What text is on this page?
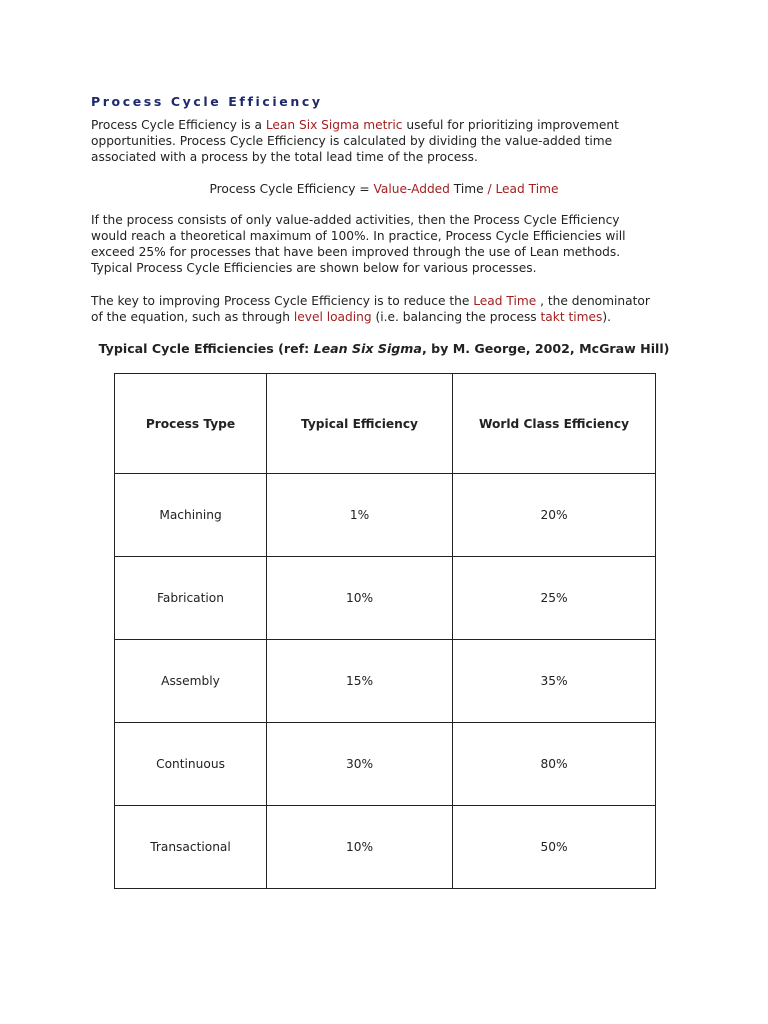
Process Cycle Efficiency
Process Cycle Efficiency is a Lean Six Sigma metric useful for prioritizing improvement
opportunities. Process Cycle Efficiency is calculated by dividing the value-added time
associated with a process by the total lead time of the process.
Process Cycle Efficiency = Value-Added Time / Lead Time
If the process consists of only value-added activities, then the Process Cycle Efficiency
would reach a theoretical maximum of 100%. In practice, Process Cycle Efficiencies will
exceed 25% for processes that have been improved through the use of Lean methods.
Typical Process Cycle Efficiencies are shown below for various processes.
The key to improving Process Cycle Efficiency is to reduce the Lead Time , the denominator
of the equation, such as through level loading (i.e. balancing the process takt times).
Typical Cycle Efficiencies (ref: Lean Six Sigma, by M. George, 2002, McGraw Hill)
Process Type	Typical Efficiency	World Class Efficiency
Machining	1%	20%
Fabrication	10%	25%
Assembly	15%	35%
Continuous	30%	80%
Transactional	10%	50%
